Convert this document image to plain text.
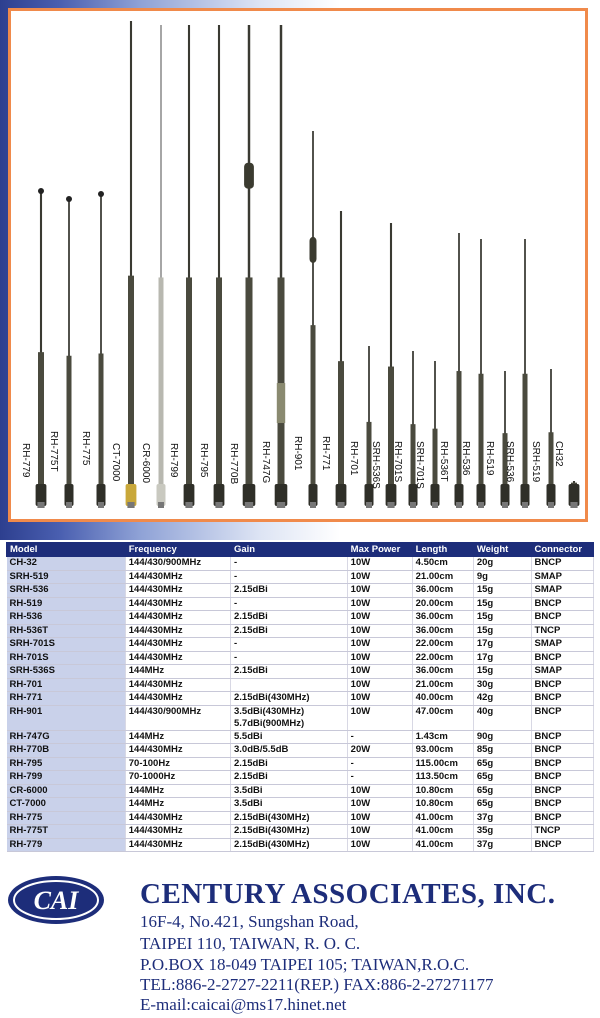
RH-779 RH-775T RH-775 CT-7000 CR-6000 RH-799 RH-795 RH-770B RH-747G RH-901 RH-771 RH-701 SRH-536S RH-701S SRH-701S RH-536T RH-536 RH-519 SRH-536 SRH-519 CH32
Model	Frequency	Gain	Max Power	Length	Weight	Connector
CH-32	144/430/900MHz	-	10W	4.50cm	20g	BNCP
SRH-519	144/430MHz	-	10W	21.00cm	9g	SMAP
SRH-536	144/430MHz	2.15dBi	10W	36.00cm	15g	SMAP
RH-519	144/430MHz	-	10W	20.00cm	15g	BNCP
RH-536	144/430MHz	2.15dBi	10W	36.00cm	15g	BNCP
RH-536T	144/430MHz	2.15dBi	10W	36.00cm	15g	TNCP
SRH-701S	144/430MHz	-	10W	22.00cm	17g	SMAP
RH-701S	144/430MHz	-	10W	22.00cm	17g	BNCP
SRH-536S	144MHz	2.15dBi	10W	36.00cm	15g	SMAP
RH-701	144/430MHz		10W	21.00cm	30g	BNCP
RH-771	144/430MHz	2.15dBi(430MHz)	10W	40.00cm	42g	BNCP
RH-901	144/430/900MHz	3.5dBi(430MHz)
5.7dBi(900MHz)	10W	47.00cm	40g	BNCP
RH-747G	144MHz	5.5dBi	-	1.43cm	90g	BNCP
RH-770B	144/430MHz	3.0dB/5.5dB	20W	93.00cm	85g	BNCP
RH-795	70-100Hz	2.15dBi	-	115.00cm	65g	BNCP
RH-799	70-1000Hz	2.15dBi	-	113.50cm	65g	BNCP
CR-6000	144MHz	3.5dBi	10W	10.80cm	65g	BNCP
CT-7000	144MHz	3.5dBi	10W	10.80cm	65g	BNCP
RH-775	144/430MHz	2.15dBi(430MHz)	10W	41.00cm	37g	BNCP
RH-775T	144/430MHz	2.15dBi(430MHz)	10W	41.00cm	35g	TNCP
RH-779	144/430MHz	2.15dBi(430MHz)	10W	41.00cm	37g	BNCP
CAI CENTURY ASSOCIATES, INC.
16F-4, No.421, Sungshan Road,
TAIPEI 110, TAIWAN, R. O. C.
P.O.BOX 18-049 TAIPEI 105; TAIWAN,R.O.C.
TEL:886-2-2727-2211(REP.) FAX:886-2-27271177
E-mail:caicai@ms17.hinet.net
